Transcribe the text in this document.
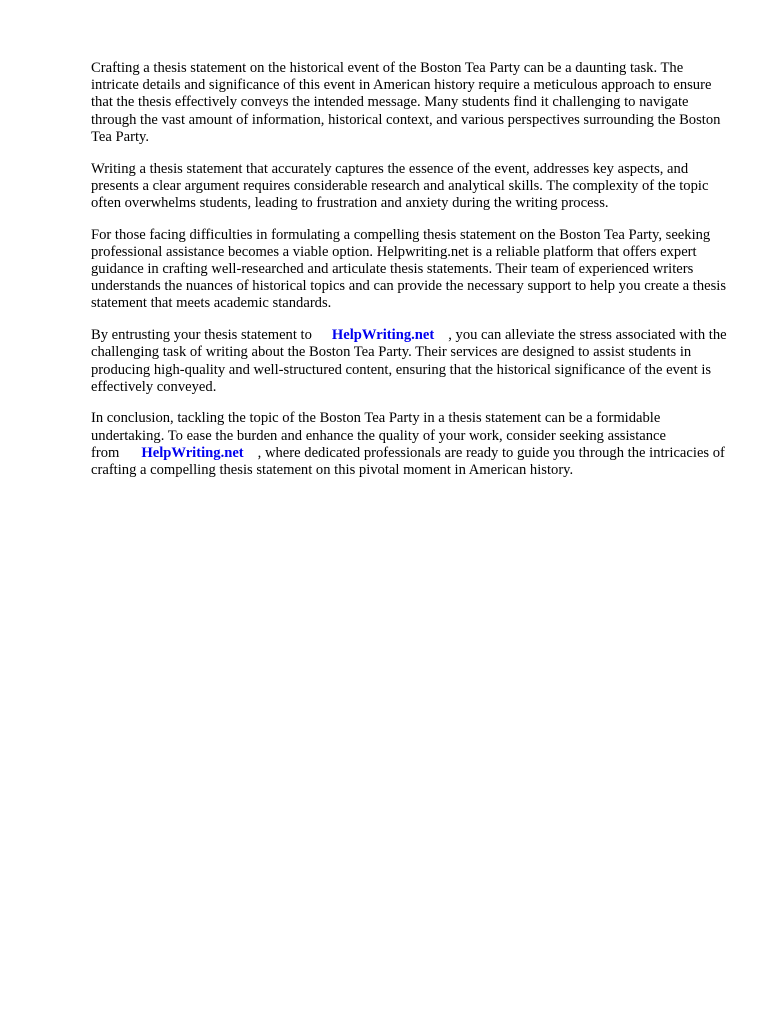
Crafting a thesis statement on the historical event of the Boston Tea Party can be a daunting task. The intricate details and significance of this event in American history require a meticulous approach to ensure that the thesis effectively conveys the intended message. Many students find it challenging to navigate through the vast amount of information, historical context, and various perspectives surrounding the Boston Tea Party.

Writing a thesis statement that accurately captures the essence of the event, addresses key aspects, and presents a clear argument requires considerable research and analytical skills. The complexity of the topic often overwhelms students, leading to frustration and anxiety during the writing process.

For those facing difficulties in formulating a compelling thesis statement on the Boston Tea Party, seeking professional assistance becomes a viable option. Helpwriting.net is a reliable platform that offers expert guidance in crafting well-researched and articulate thesis statements. Their team of experienced writers understands the nuances of historical topics and can provide the necessary support to help you create a thesis statement that meets academic standards.

By entrusting your thesis statement to HelpWriting.net , you can alleviate the stress associated with the challenging task of writing about the Boston Tea Party. Their services are designed to assist students in producing high-quality and well-structured content, ensuring that the historical significance of the event is effectively conveyed.

In conclusion, tackling the topic of the Boston Tea Party in a thesis statement can be a formidable undertaking. To ease the burden and enhance the quality of your work, consider seeking assistance from HelpWriting.net , where dedicated professionals are ready to guide you through the intricacies of crafting a compelling thesis statement on this pivotal moment in American history.
